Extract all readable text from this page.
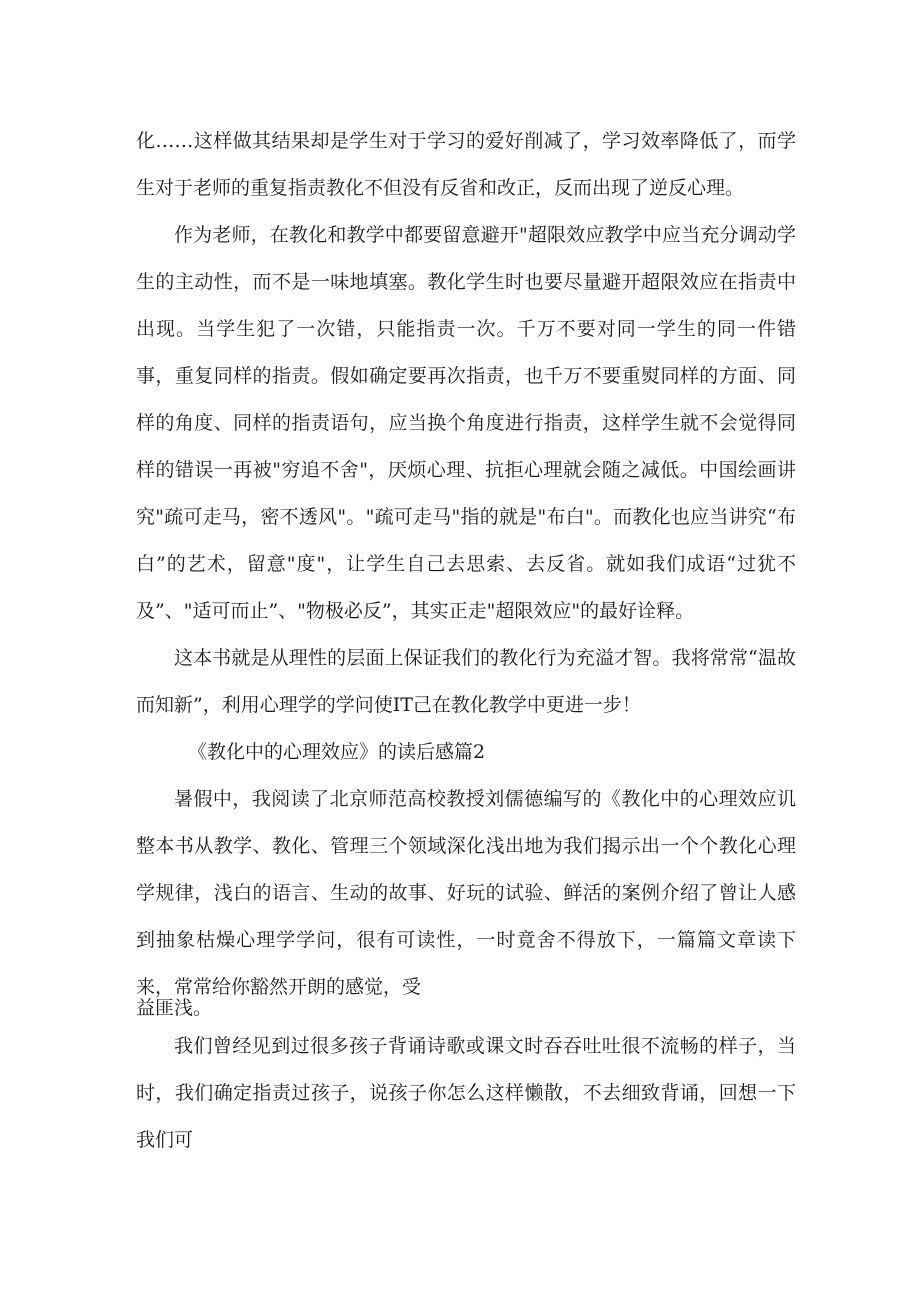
化……这样做其结果却是学生对于学习的爱好削减了，学习效率降低了，而学生对于老师的重复指责教化不但没有反省和改正，反而出现了逆反心理。

作为老师，在教化和教学中都要留意避开"超限效应教学中应当充分调动学生的主动性，而不是一味地填塞。教化学生时也要尽量避开超限效应在指责中出现。当学生犯了一次错，只能指责一次。千万不要对同一学生的同一件错事，重复同样的指责。假如确定要再次指责，也千万不要重熨同样的方面、同样的角度、同样的指责语句，应当换个角度进行指责，这样学生就不会觉得同样的错误一再被"穷追不舍"，厌烦心理、抗拒心理就会随之减低。中国绘画讲究"疏可走马，密不透风"。"疏可走马"指的就是"布白"。而教化也应当讲究“布白”的艺术，留意"度"，让学生自己去思索、去反省。就如我们成语“过犹不及”、"适可而止”、"物极必反”，其实正走"超限效应"的最好诠释。

这本书就是从理性的层面上保证我们的教化行为充溢才智。我将常常“温故而知新”，利用心理学的学问使IT己在教化教学中更进一步！

《教化中的心理效应》的读后感篇2

暑假中，我阅读了北京师范高校教授刘儒德编写的《教化中的心理效应讥整本书从教学、教化、管理三个领域深化浅出地为我们揭示出一个个教化心理学规律，浅白的语言、生动的故事、好玩的试验、鲜活的案例介绍了曾让人感到抽象枯燥心理学学问，很有可读性，一时竟舍不得放下，一篇篇文章读下来，常常给你豁然开朗的感觉，受

益匪浅。

我们曾经见到过很多孩子背诵诗歌或课文时吞吞吐吐很不流畅的样子，当时，我们确定指责过孩子，说孩子你怎么这样懒散，不去细致背诵，回想一下我们可
